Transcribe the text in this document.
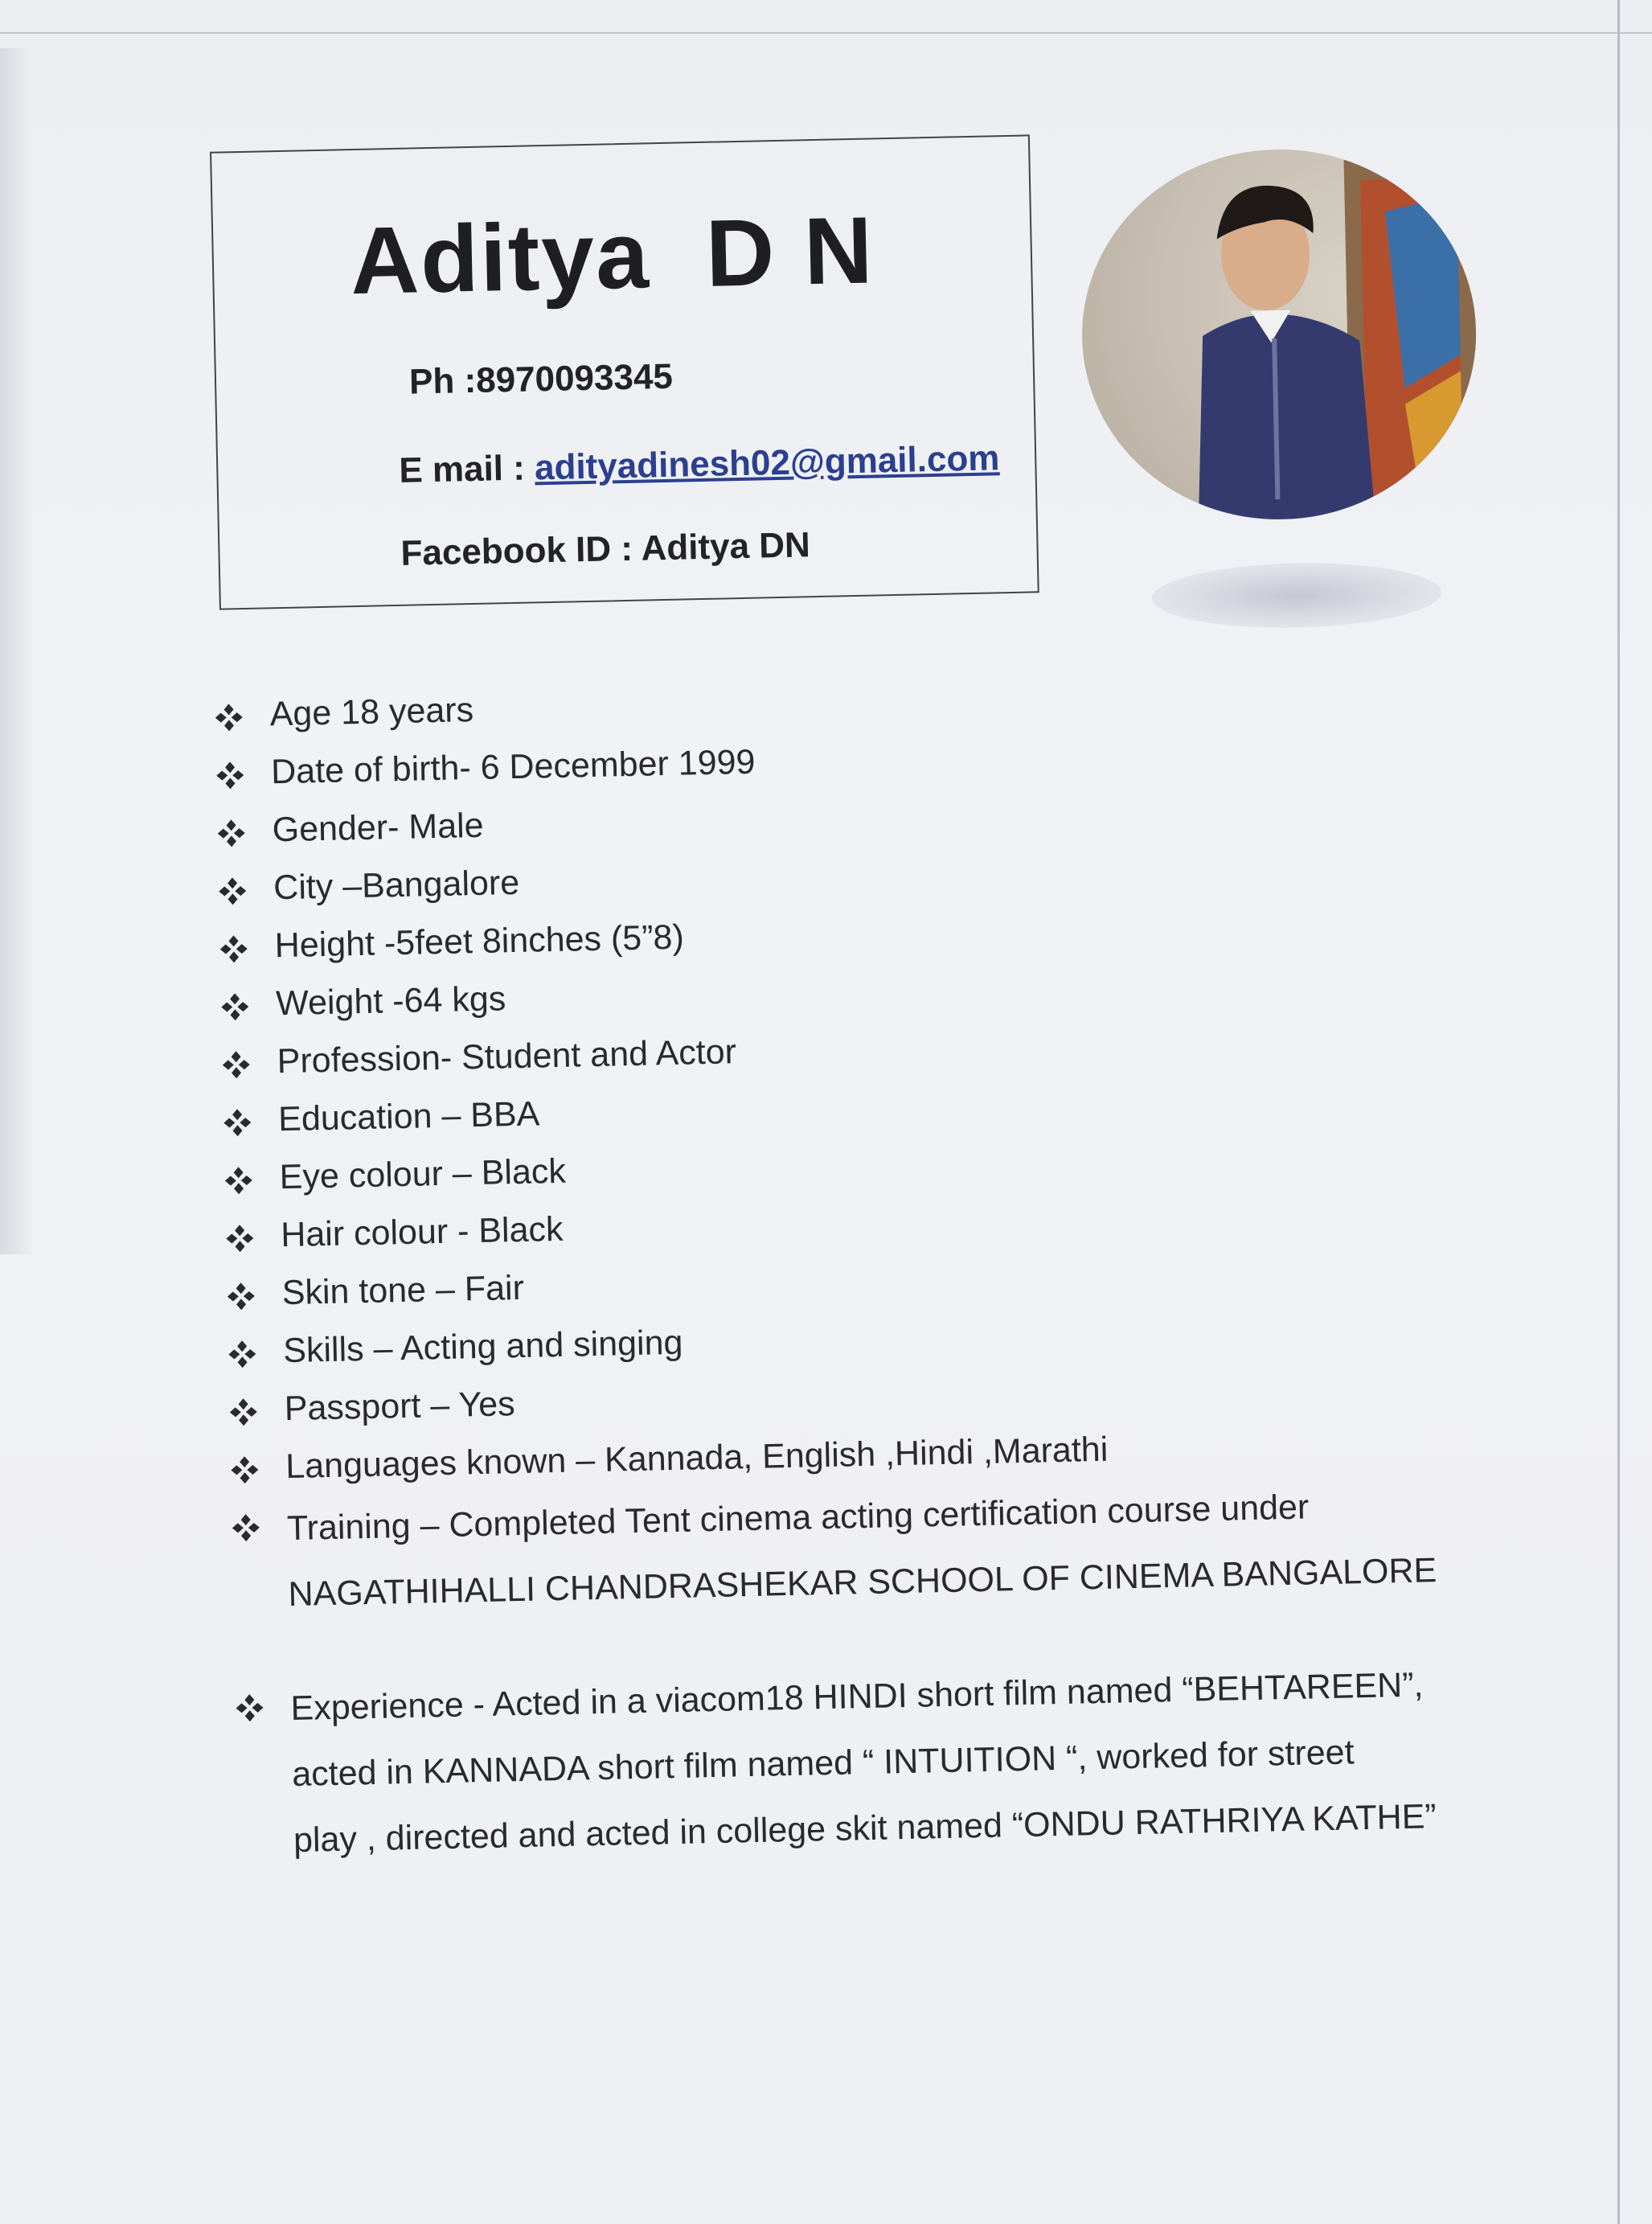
Aditya  D N
Ph :8970093345
E mail : adityadinesh02@gmail.com
Facebook ID : Aditya DN
Age 18 years
Date of birth- 6 December 1999
Gender- Male
City –Bangalore
Height -5feet 8inches (5”8)
Weight -64 kgs
Profession- Student and Actor
Education – BBA
Eye colour – Black
Hair colour - Black
Skin tone – Fair
Skills – Acting and singing
Passport – Yes
Languages known – Kannada, English ,Hindi ,Marathi
Training – Completed Tent cinema acting certification course under
NAGATHIHALLI CHANDRASHEKAR SCHOOL OF CINEMA BANGALORE
Experience - Acted in a viacom18 HINDI short film named “BEHTAREEN”,
acted in KANNADA short film named “ INTUITION “, worked for street
play , directed and acted in college skit named “ONDU RATHRIYA KATHE”
